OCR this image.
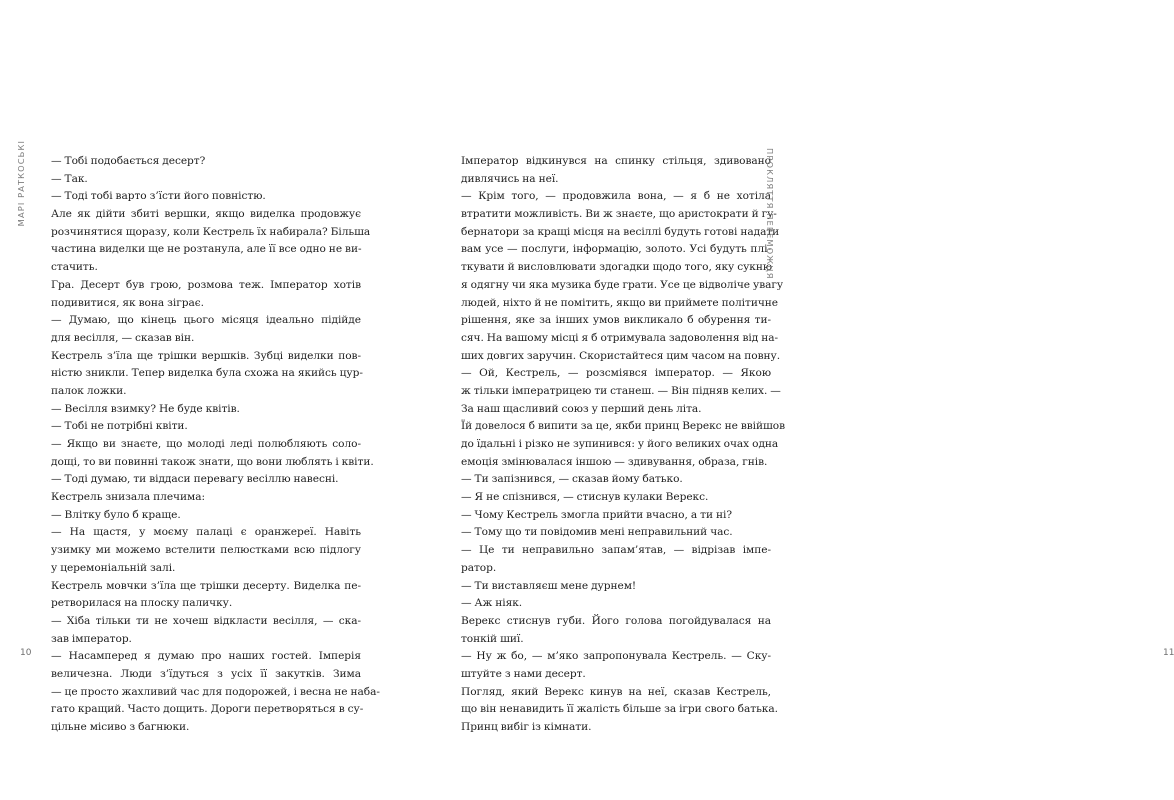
МАРІ РАТКОСЬКІ — Тобі подобається десерт?
— Так.
— Тоді тобі варто з’їсти його повністю.
Але як дійти збиті вершки, якщо виделка продовжує
розчинятися щоразу, коли Кестрель їх набирала? Більша
частина виделки ще не розтанула, але її все одно не ви-
стачить.
Гра. Десерт був грою, розмова теж. Імператор хотів
подивитися, як вона зіграє.
— Думаю, що кінець цього місяця ідеально підійде
для весілля, — сказав він.
Кестрель з’їла ще трішки вершків. Зубці виделки пов-
ністю зникли. Тепер виделка була схожа на якийсь цур-
палок ложки.
— Весілля взимку? Не буде квітів.
— Тобі не потрібні квіти.
— Якщо ви знаєте, що молоді леді полюбляють соло-
дощі, то ви повинні також знати, що вони люблять і квіти.
— Тоді думаю, ти віддаси перевагу весіллю навесні.
Кестрель знизала плечима:
— Влітку було б краще.
— На щастя, у моєму палаці є оранжереї. Навіть
узимку ми можемо встелити пелюстками всю підлогу
у церемоніальній залі.
Кестрель мовчки з’їла ще трішки десерту. Виделка пе-
ретворилася на плоску паличку.
— Хіба тільки ти не хочеш відкласти весілля, — ска-
зав імператор.
— Насамперед я думаю про наших гостей. Імперія
величезна. Люди з’їдуться з усіх її закутків. Зима
— це просто жахливий час для подорожей, і весна не наба-
гато кращий. Часто дощить. Дороги перетворяться в су-
цільне місиво з багнюки.
10
Імператор відкинувся на спинку стільця, здивовано
дивлячись на неї.
— Крім того, — продовжила вона, — я б не хотіла
втратити можливість. Ви ж знаєте, що аристократи й гу-
бернатори за кращі місця на весіллі будуть готові надати
вам усе — послуги, інформацію, золото. Усі будуть плі-
ткувати й висловлювати здогадки щодо того, яку сукню
я одягну чи яка музика буде грати. Усе це відволіче увагу
людей, ніхто й не помітить, якщо ви приймете політичне
рішення, яке за інших умов викликало б обурення ти-
сяч. На вашому місці я б отримувала задоволення від на-
ших довгих заручин. Скористайтеся цим часом на повну.
— Ой, Кестрель, — розсміявся імператор. — Якою
ж тільки імператрицею ти станеш. — Він підняв келих. —
За наш щасливий союз у перший день літа.
Їй довелося б випити за це, якби принц Верекс не ввійшов
до їдальні і різко не зупинився: у його великих очах одна
емоція змінювалася іншою — здивування, образа, гнів.
— Ти запізнився, — сказав йому батько.
— Я не спізнився, — стиснув кулаки Верекс.
— Чому Кестрель змогла прийти вчасно, а ти ні?
— Тому що ти повідомив мені неправильний час.
— Це ти неправильно запам’ятав, — відрізав імпе-
ратор.
— Ти виставляєш мене дурнем!
— Аж ніяк.
Верекс стиснув губи. Його голова погойдувалася на
тонкій шиї.
— Ну ж бо, — м’яко запропонувала Кестрель. — Ску-
штуйте з нами десерт.
Погляд, який Верекс кинув на неї, сказав Кестрель,
що він ненавидить її жалість більше за ігри свого батька.
Принц вибіг із кімнати.
11
ПРОКЛЯТТЯ ПЕРЕМОЖЦЯ
